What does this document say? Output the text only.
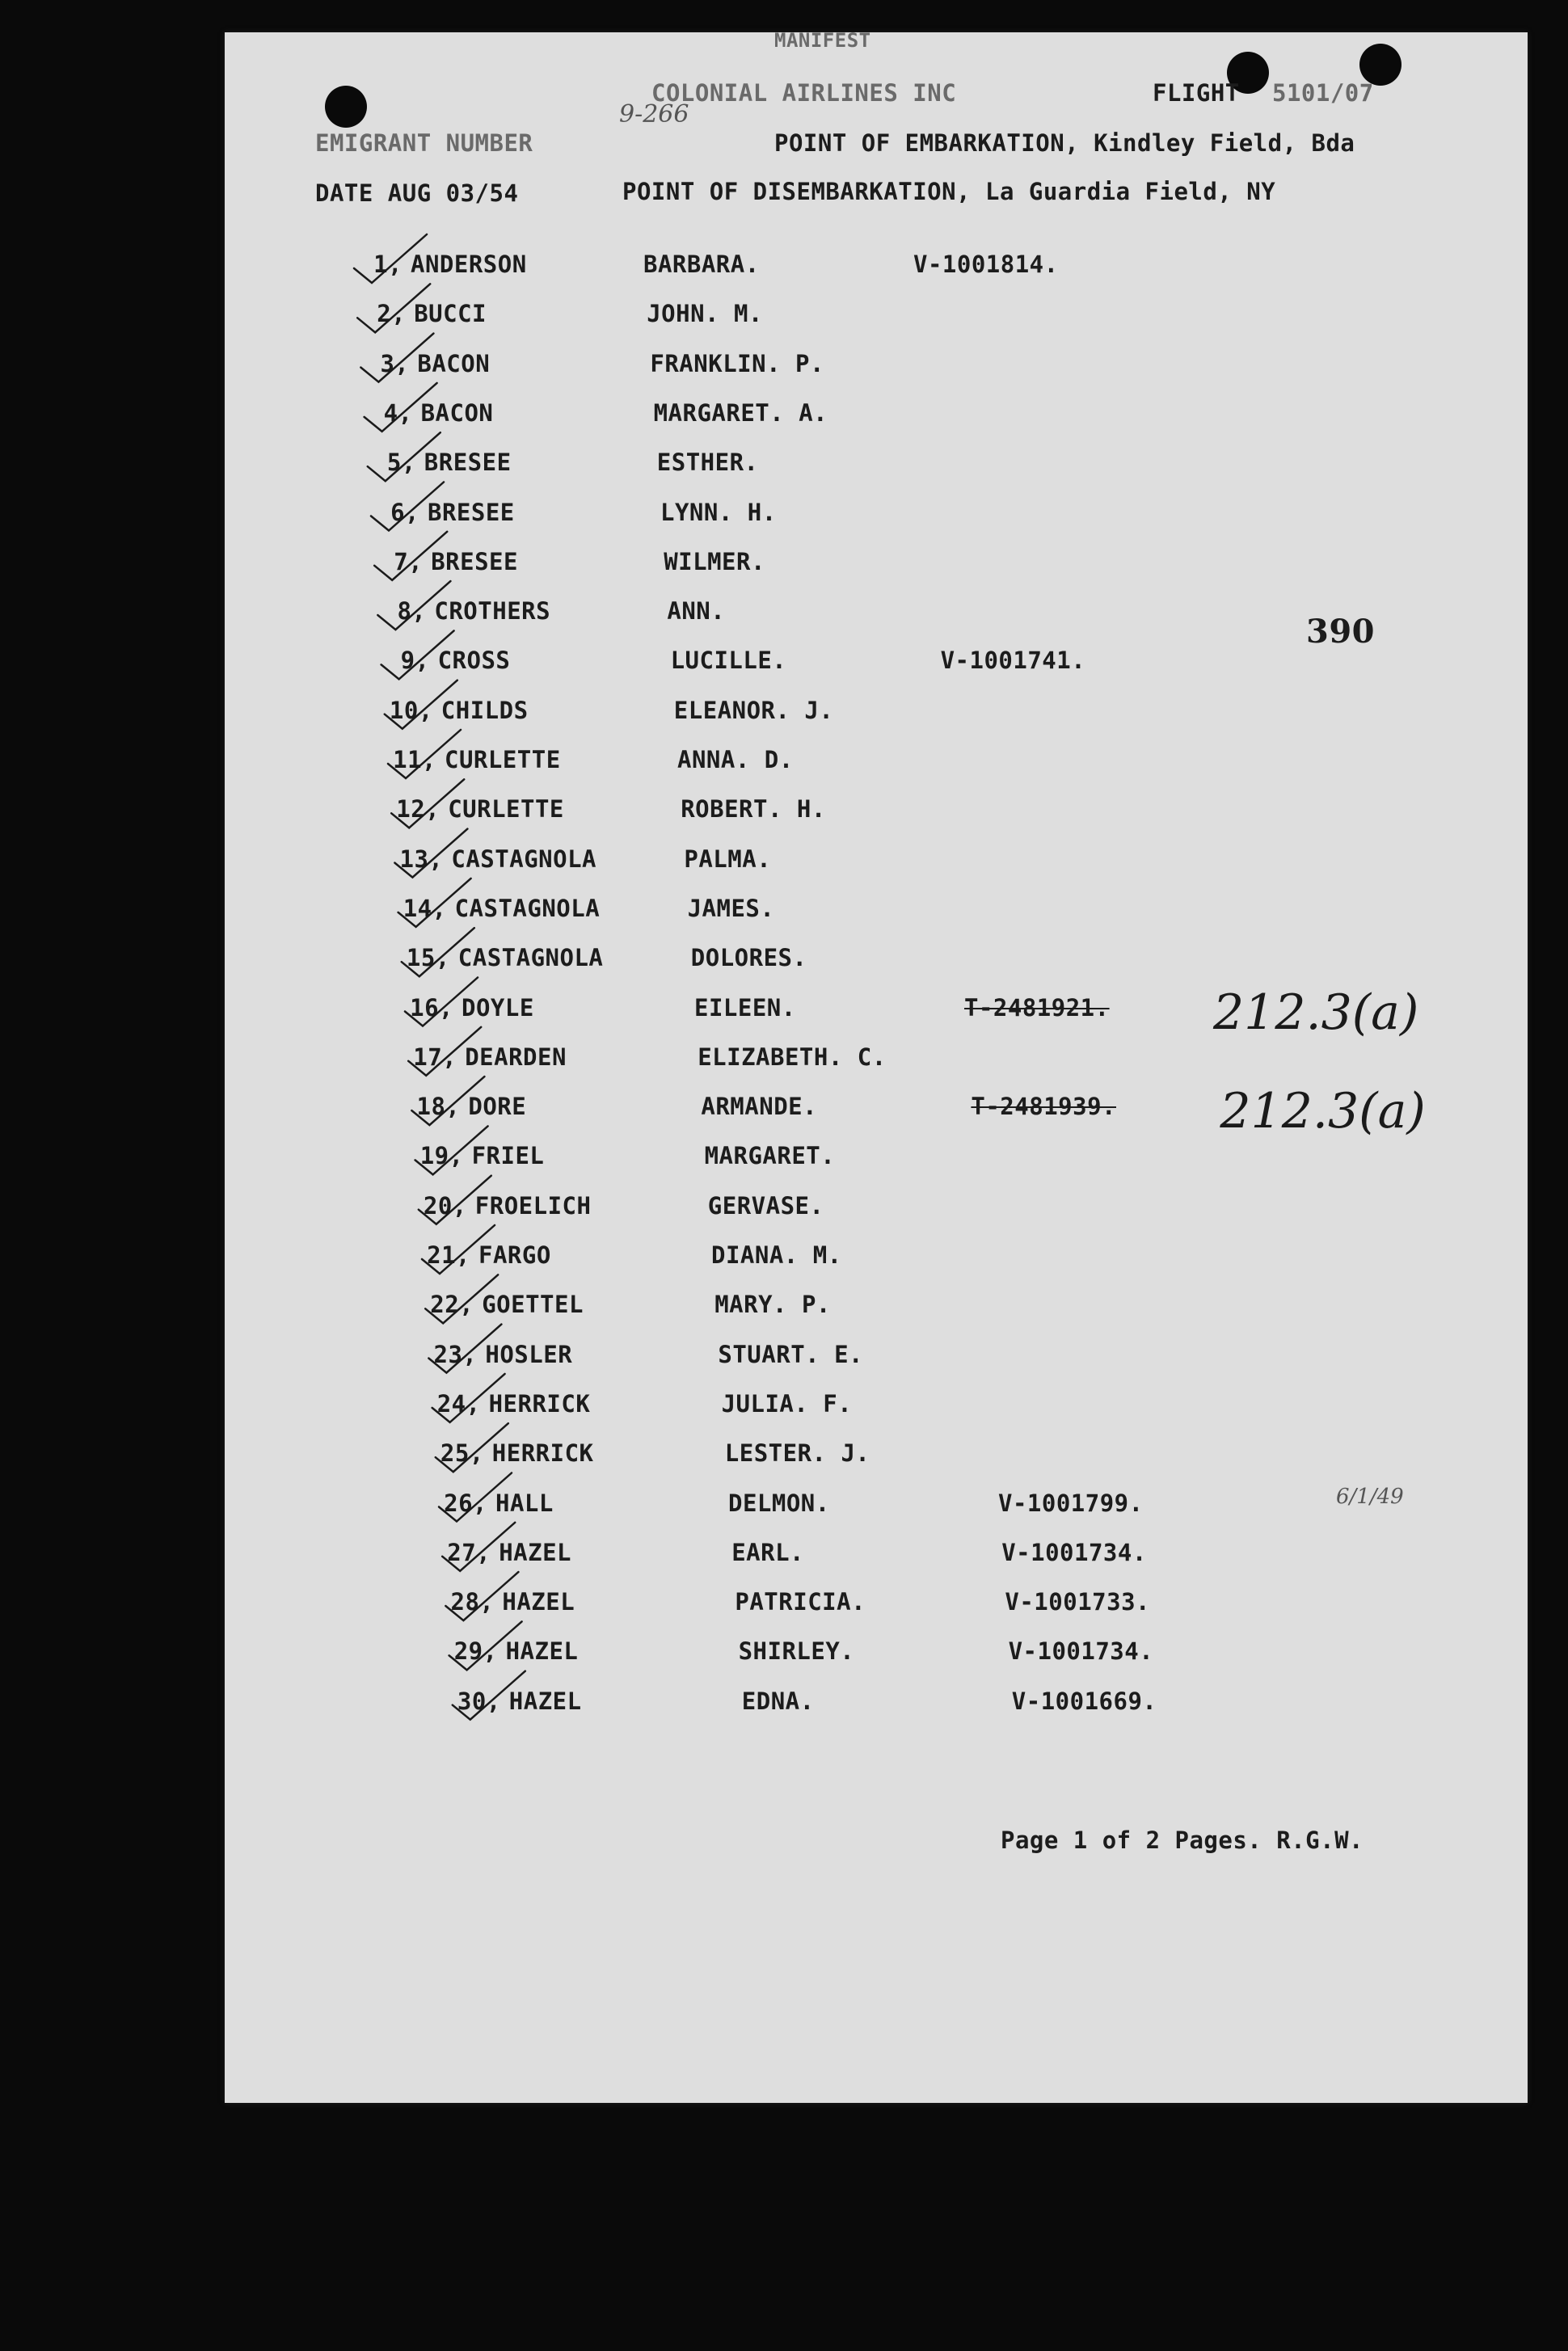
MANIFEST
COLONIAL AIRLINES INC	FLIGHT 5101/07
EMIGRANT NUMBER
9-266
POINT OF EMBARKATION, Kindley Field, Bda
DATE AUG 03/54	POINT OF DISEMBARKATION, La Guardia Field, NY
390
1, ANDERSON	BARBARA.	V-1001814.
2, BUCCI	JOHN. M.
3, BACON	FRANKLIN. P.
4, BACON	MARGARET. A.
5, BRESEE	ESTHER.
6, BRESEE	LYNN. H.
7, BRESEE	WILMER.
8, CROTHERS	ANN.
9, CROSS	LUCILLE.	V-1001741.
10, CHILDS	ELEANOR. J.
11, CURLETTE	ANNA. D.
12, CURLETTE	ROBERT. H.
13, CASTAGNOLA	PALMA.
14, CASTAGNOLA	JAMES.
15, CASTAGNOLA	DOLORES.
16, DOYLE	EILEEN.	T-2481921. 212.3(a)
17, DEARDEN	ELIZABETH. C.
18, DORE	ARMANDE.	T-2481939. 212.3(a)
19, FRIEL	MARGARET.
20, FROELICH	GERVASE.
21, FARGO	DIANA. M.
22, GOETTEL	MARY. P.
23, HOSLER	STUART. E.
24, HERRICK	JULIA. F.
25, HERRICK	LESTER. J.
26, HALL	DELMON.	V-1001799.	6/1/49
27, HAZEL	EARL.	V-1001734.
28, HAZEL	PATRICIA.	V-1001733.
29, HAZEL	SHIRLEY.	V-1001734.
30, HAZEL	EDNA.	V-1001669.
Page 1 of 2 Pages. R.G.W.
